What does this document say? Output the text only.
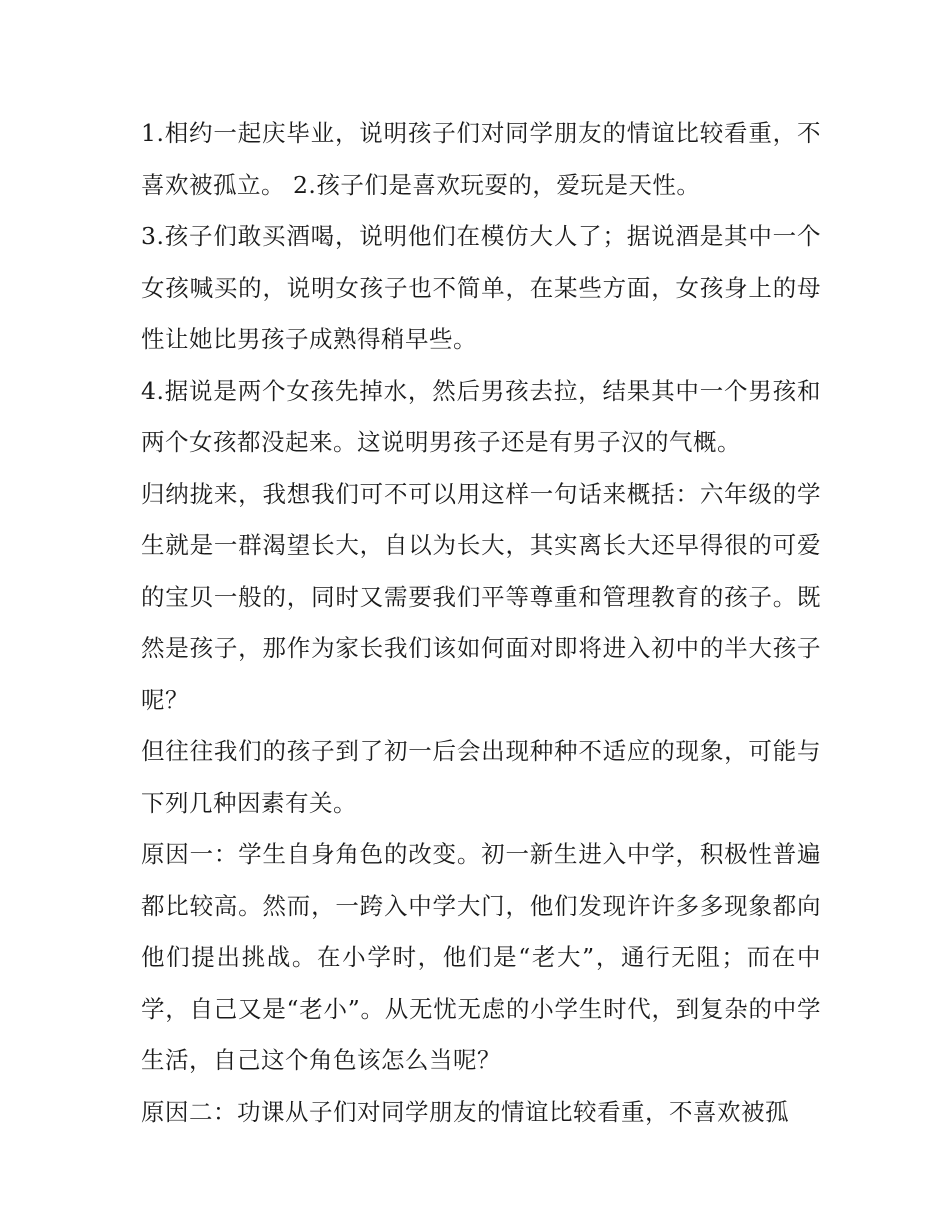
1.相约一起庆毕业，说明孩子们对同学朋友的情谊比较看重，不喜欢被孤立。 2.孩子们是喜欢玩耍的，爱玩是天性。

3.孩子们敢买酒喝，说明他们在模仿大人了；据说酒是其中一个女孩喊买的，说明女孩子也不简单，在某些方面，女孩身上的母性让她比男孩子成熟得稍早些。

4.据说是两个女孩先掉水，然后男孩去拉，结果其中一个男孩和两个女孩都没起来。这说明男孩子还是有男子汉的气概。

归纳拢来，我想我们可不可以用这样一句话来概括：六年级的学生就是一群渴望长大，自以为长大，其实离长大还早得很的可爱的宝贝一般的，同时又需要我们平等尊重和管理教育的孩子。既然是孩子，那作为家长我们该如何面对即将进入初中的半大孩子呢？

但往往我们的孩子到了初一后会出现种种不适应的现象，可能与下列几种因素有关。

原因一：学生自身角色的改变。初一新生进入中学，积极性普遍都比较高。然而，一跨入中学大门，他们发现许许多多现象都向他们提出挑战。在小学时，他们是“老大”，通行无阻；而在中学，自己又是“老小”。从无忧无虑的小学生时代，到复杂的中学生活，自己这个角色该怎么当呢？

原因二：功课从子们对同学朋友的情谊比较看重，不喜欢被孤
